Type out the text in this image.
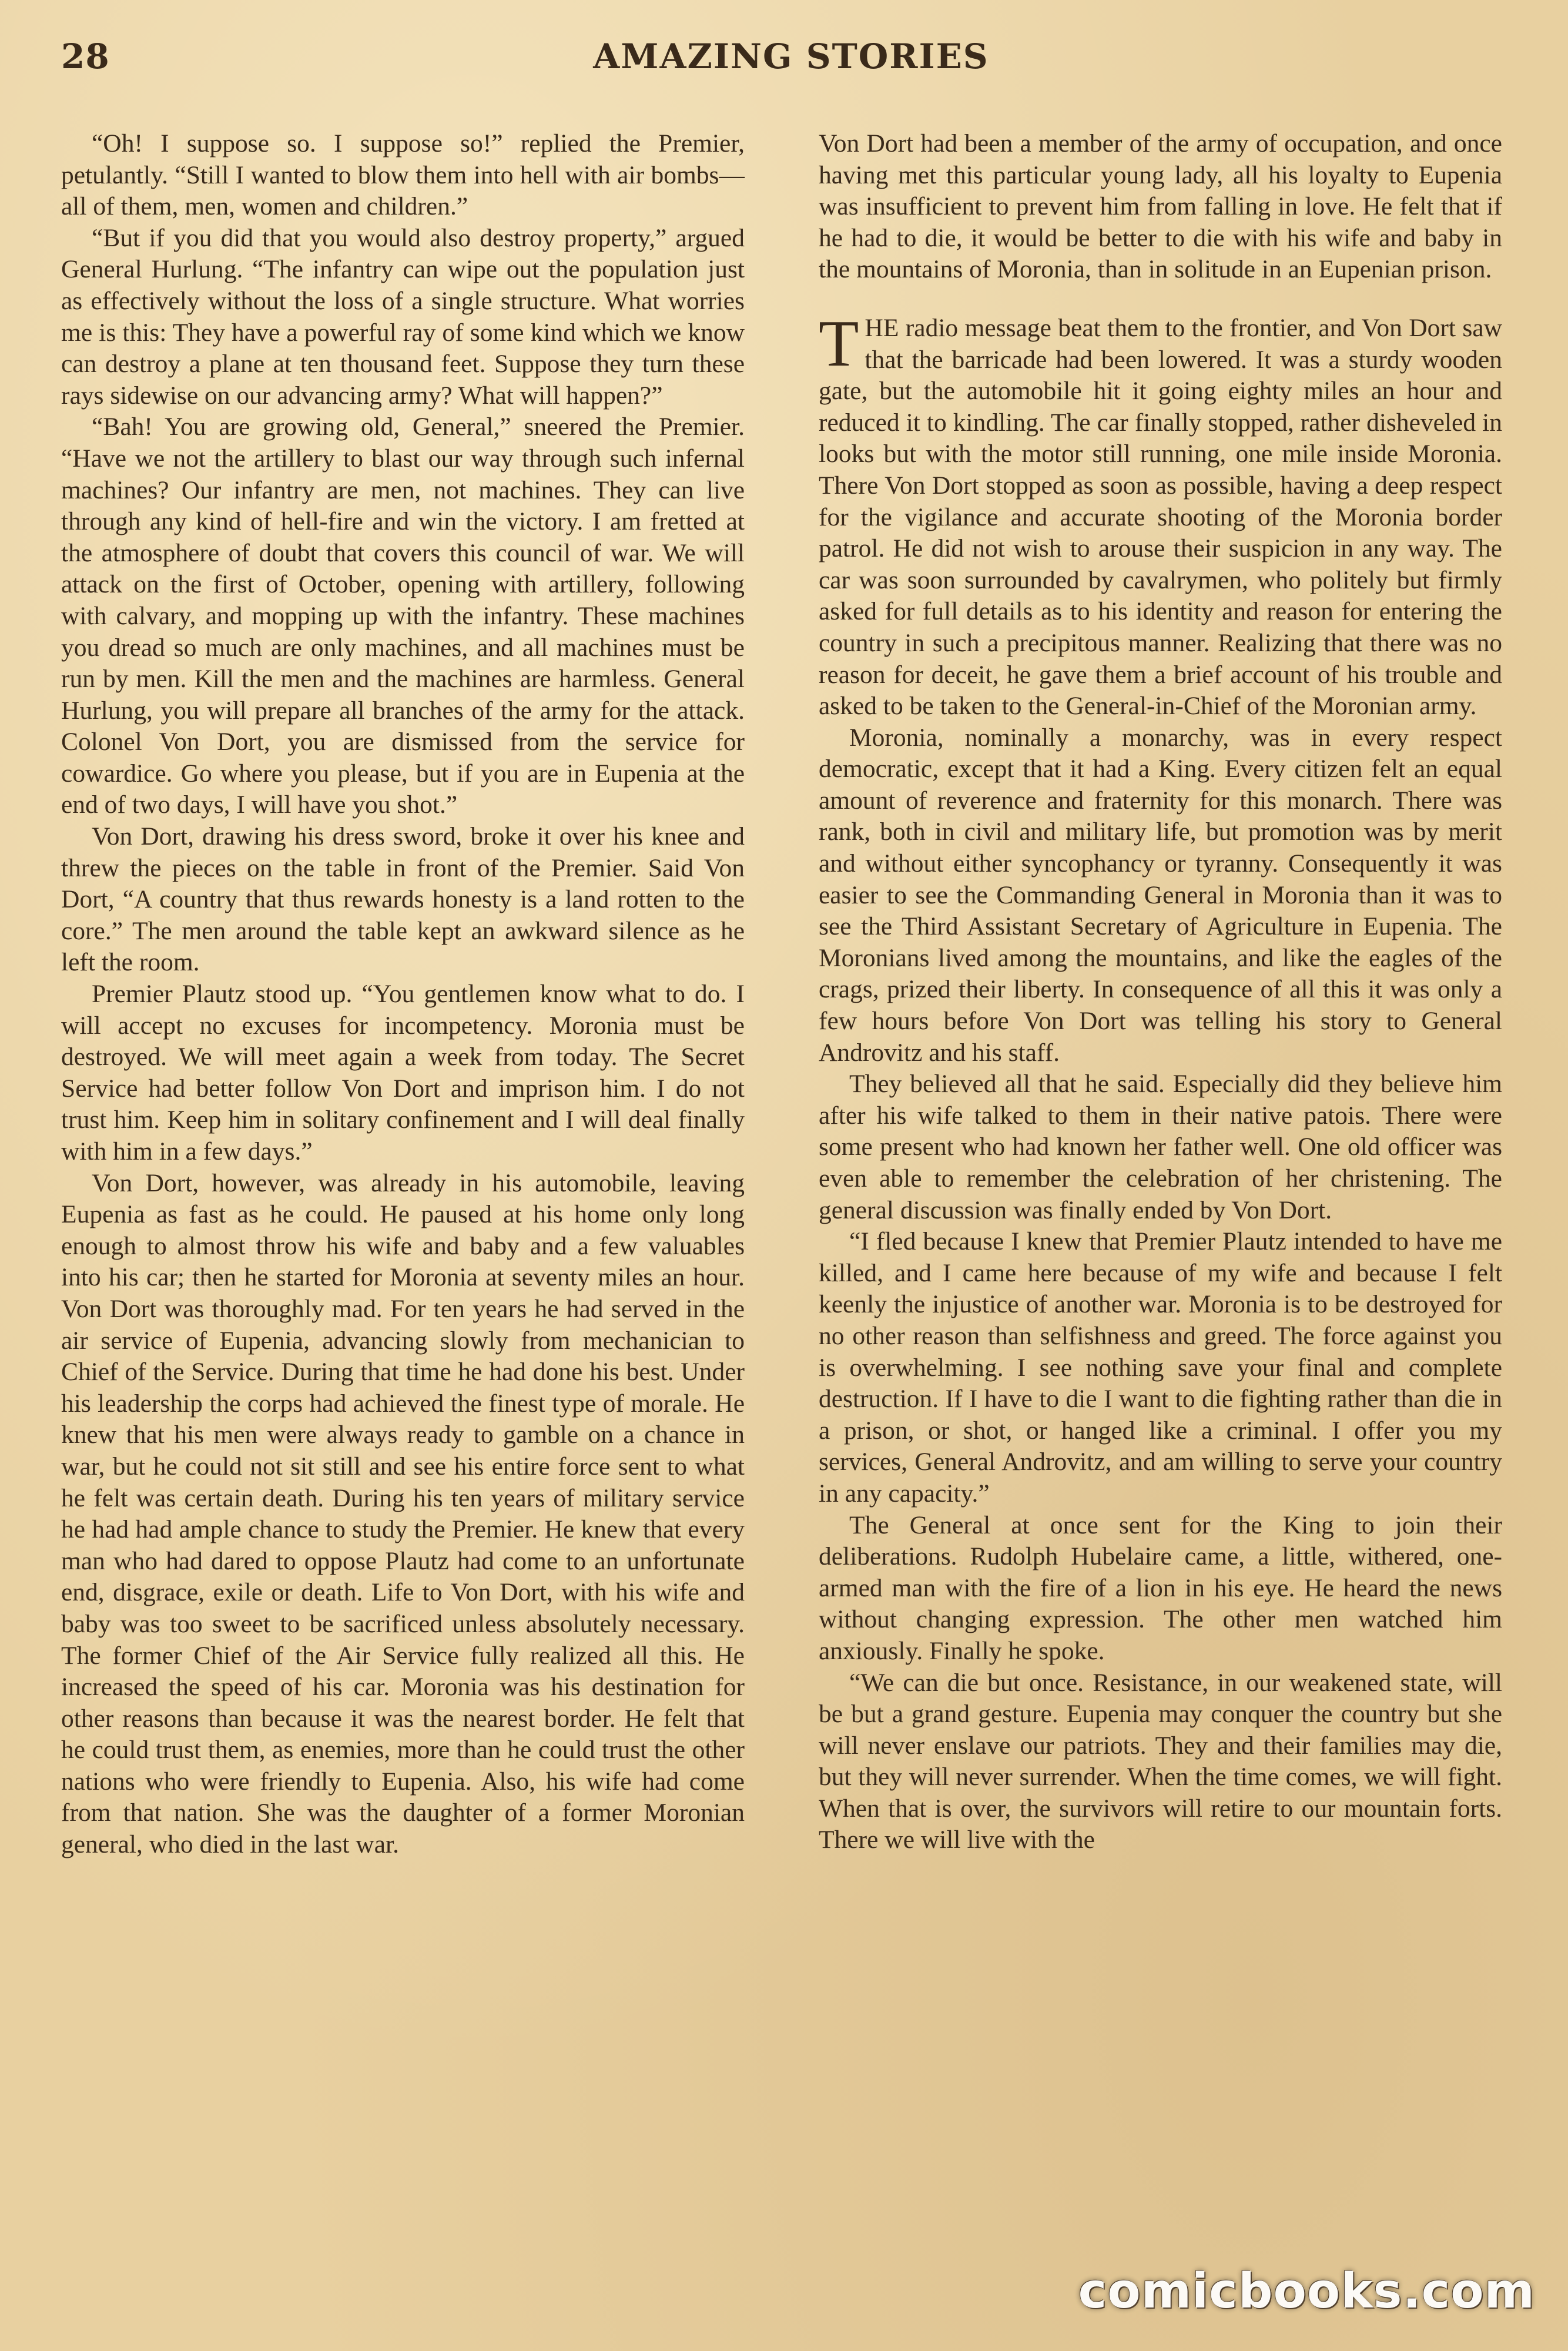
28	AMAZING STORIES

“Oh! I suppose so. I suppose so!” replied the Premier, petulantly. “Still I wanted to blow them into hell with air bombs—all of them, men, women and children.”

“But if you did that you would also destroy property,” argued General Hurlung. “The infantry can wipe out the population just as effectively without the loss of a single structure. What worries me is this: They have a powerful ray of some kind which we know can destroy a plane at ten thousand feet. Suppose they turn these rays sidewise on our advancing army? What will happen?”

“Bah! You are growing old, General,” sneered the Premier. “Have we not the artillery to blast our way through such infernal machines? Our infantry are men, not machines. They can live through any kind of hell-fire and win the victory. I am fretted at the atmosphere of doubt that covers this council of war. We will attack on the first of October, opening with artillery, following with calvary, and mopping up with the infantry. These machines you dread so much are only machines, and all machines must be run by men. Kill the men and the machines are harmless. General Hurlung, you will prepare all branches of the army for the attack. Colonel Von Dort, you are dismissed from the service for cowardice. Go where you please, but if you are in Eupenia at the end of two days, I will have you shot.”

Von Dort, drawing his dress sword, broke it over his knee and threw the pieces on the table in front of the Premier. Said Von Dort, “A country that thus rewards honesty is a land rotten to the core.” The men around the table kept an awkward silence as he left the room.

Premier Plautz stood up. “You gentlemen know what to do. I will accept no excuses for incompetency. Moronia must be destroyed. We will meet again a week from today. The Secret Service had better follow Von Dort and imprison him. I do not trust him. Keep him in solitary confinement and I will deal finally with him in a few days.”

Von Dort, however, was already in his automobile, leaving Eupenia as fast as he could. He paused at his home only long enough to almost throw his wife and baby and a few valuables into his car; then he started for Moronia at seventy miles an hour. Von Dort was thoroughly mad. For ten years he had served in the air service of Eupenia, advancing slowly from mechanician to Chief of the Service. During that time he had done his best. Under his leadership the corps had achieved the finest type of morale. He knew that his men were always ready to gamble on a chance in war, but he could not sit still and see his entire force sent to what he felt was certain death. During his ten years of military service he had had ample chance to study the Premier. He knew that every man who had dared to oppose Plautz had come to an unfortunate end, disgrace, exile or death. Life to Von Dort, with his wife and baby was too sweet to be sacrificed unless absolutely necessary. The former Chief of the Air Service fully realized all this. He increased the speed of his car. Moronia was his destination for other reasons than because it was the nearest border. He felt that he could trust them, as enemies, more than he could trust the other nations who were friendly to Eupenia. Also, his wife had come from that nation. She was the daughter of a former Moronian general, who died in the last war.

Von Dort had been a member of the army of occupation, and once having met this particular young lady, all his loyalty to Eupenia was insufficient to prevent him from falling in love. He felt that if he had to die, it would be better to die with his wife and baby in the mountains of Moronia, than in solitude in an Eupenian prison.

THE radio message beat them to the frontier, and Von Dort saw that the barricade had been lowered. It was a sturdy wooden gate, but the automobile hit it going eighty miles an hour and reduced it to kindling. The car finally stopped, rather disheveled in looks but with the motor still running, one mile inside Moronia. There Von Dort stopped as soon as possible, having a deep respect for the vigilance and accurate shooting of the Moronia border patrol. He did not wish to arouse their suspicion in any way. The car was soon surrounded by cavalrymen, who politely but firmly asked for full details as to his identity and reason for entering the country in such a precipitous manner. Realizing that there was no reason for deceit, he gave them a brief account of his trouble and asked to be taken to the General-in-Chief of the Moronian army.

Moronia, nominally a monarchy, was in every respect democratic, except that it had a King. Every citizen felt an equal amount of reverence and fraternity for this monarch. There was rank, both in civil and military life, but promotion was by merit and without either syncophancy or tyranny. Consequently it was easier to see the Commanding General in Moronia than it was to see the Third Assistant Secretary of Agriculture in Eupenia. The Moronians lived among the mountains, and like the eagles of the crags, prized their liberty. In consequence of all this it was only a few hours before Von Dort was telling his story to General Androvitz and his staff.

They believed all that he said. Especially did they believe him after his wife talked to them in their native patois. There were some present who had known her father well. One old officer was even able to remember the celebration of her christening. The general discussion was finally ended by Von Dort.

“I fled because I knew that Premier Plautz intended to have me killed, and I came here because of my wife and because I felt keenly the injustice of another war. Moronia is to be destroyed for no other reason than selfishness and greed. The force against you is overwhelming. I see nothing save your final and complete destruction. If I have to die I want to die fighting rather than die in a prison, or shot, or hanged like a criminal. I offer you my services, General Androvitz, and am willing to serve your country in any capacity.”

The General at once sent for the King to join their deliberations. Rudolph Hubelaire came, a little, withered, one-armed man with the fire of a lion in his eye. He heard the news without changing expression. The other men watched him anxiously. Finally he spoke.

“We can die but once. Resistance, in our weakened state, will be but a grand gesture. Eupenia may conquer the country but she will never enslave our patriots. They and their families may die, but they will never surrender. When the time comes, we will fight. When that is over, the survivors will retire to our mountain forts. There we will live with the

comicbooks.com
